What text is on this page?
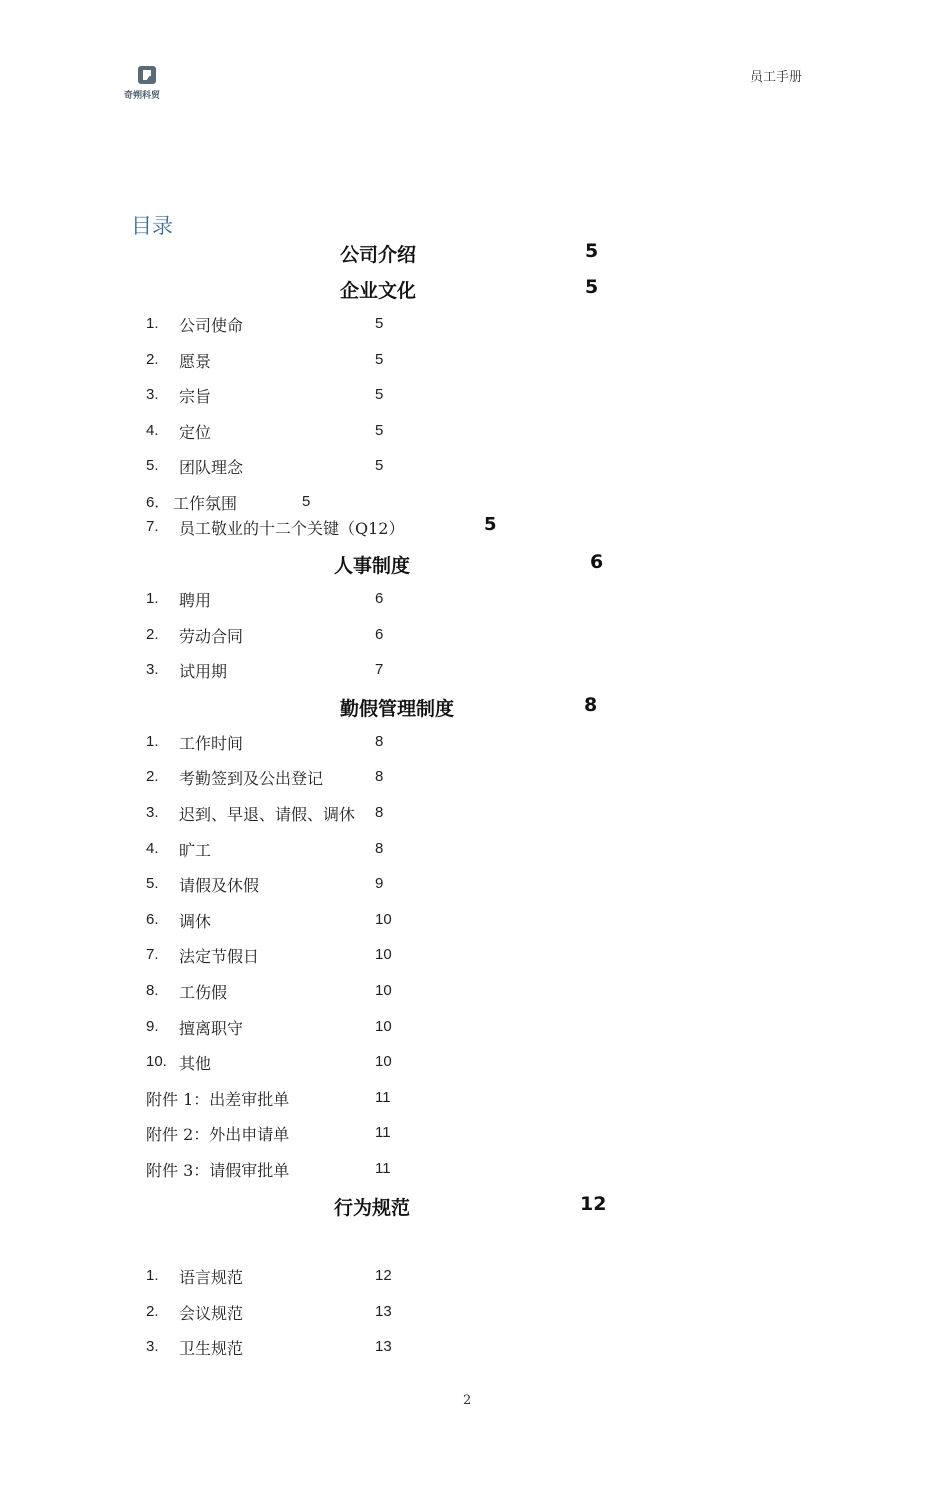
奇朔科贸
员工手册
目录
公司介绍	5
企业文化	5
1. 公司使命	5
2. 愿景	5
3. 宗旨	5
4. 定位	5
5. 团队理念	5
6． 工作氛围	5
7. 员工敬业的十二个关键（Q12）	5
人事制度	6
1. 聘用	6
2. 劳动合同	6
3. 试用期	7
勤假管理制度	8
1. 工作时间	8
2. 考勤签到及公出登记	8
3. 迟到、早退、请假、调休 8
4. 旷工	8
5. 请假及休假	9
6. 调休	10
7. 法定节假日	10
8. 工伤假	10
9. 擅离职守	10
10. 其他	10
附件 1：出差审批单	11
附件 2：外出申请单	11
附件 3：请假审批单	11
行为规范	12
1. 语言规范	12
2. 会议规范	13
3. 卫生规范	13
2
